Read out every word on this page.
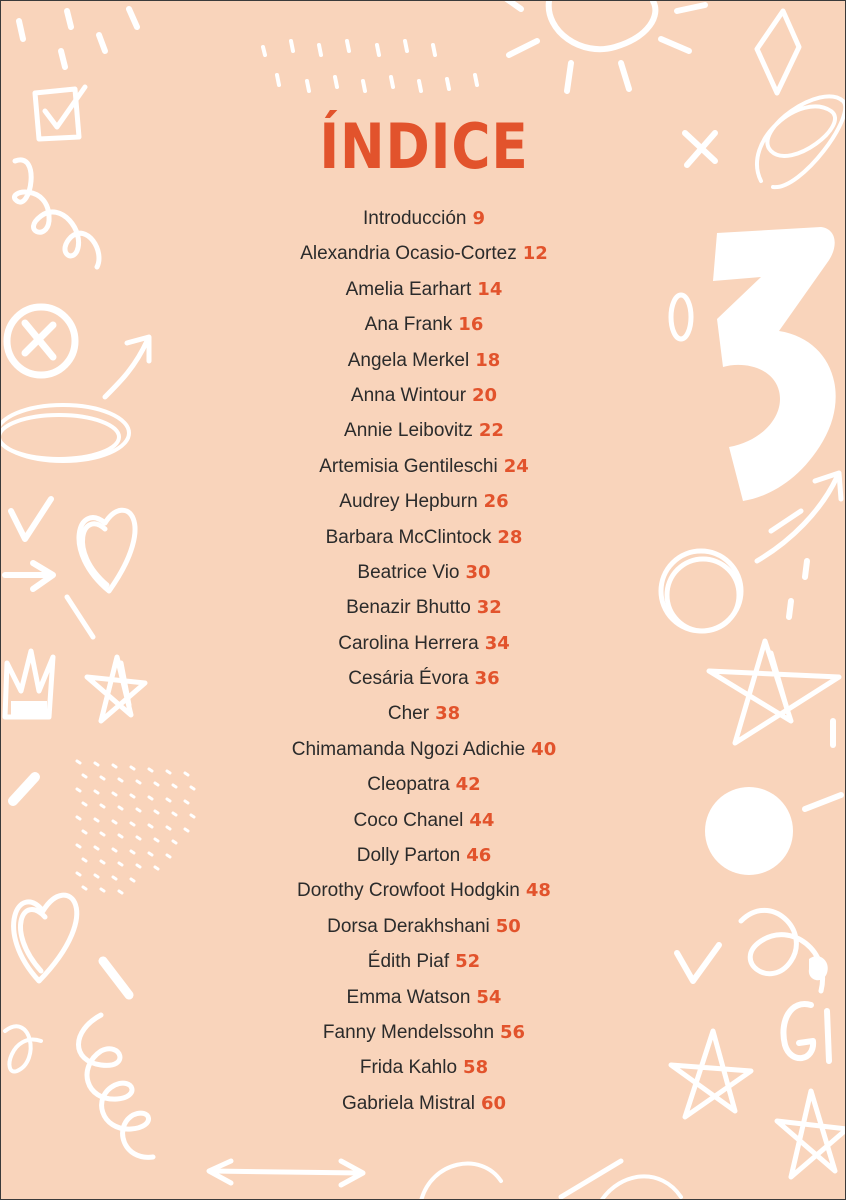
ÍNDICE
Introducción 9
Alexandria Ocasio-Cortez 12
Amelia Earhart 14
Ana Frank 16
Angela Merkel 18
Anna Wintour 20
Annie Leibovitz 22
Artemisia Gentileschi 24
Audrey Hepburn 26
Barbara McClintock 28
Beatrice Vio 30
Benazir Bhutto 32
Carolina Herrera 34
Cesária Évora 36
Cher 38
Chimamanda Ngozi Adichie 40
Cleopatra 42
Coco Chanel 44
Dolly Parton 46
Dorothy Crowfoot Hodgkin 48
Dorsa Derakhshani 50
Édith Piaf 52
Emma Watson 54
Fanny Mendelssohn 56
Frida Kahlo 58
Gabriela Mistral 60
